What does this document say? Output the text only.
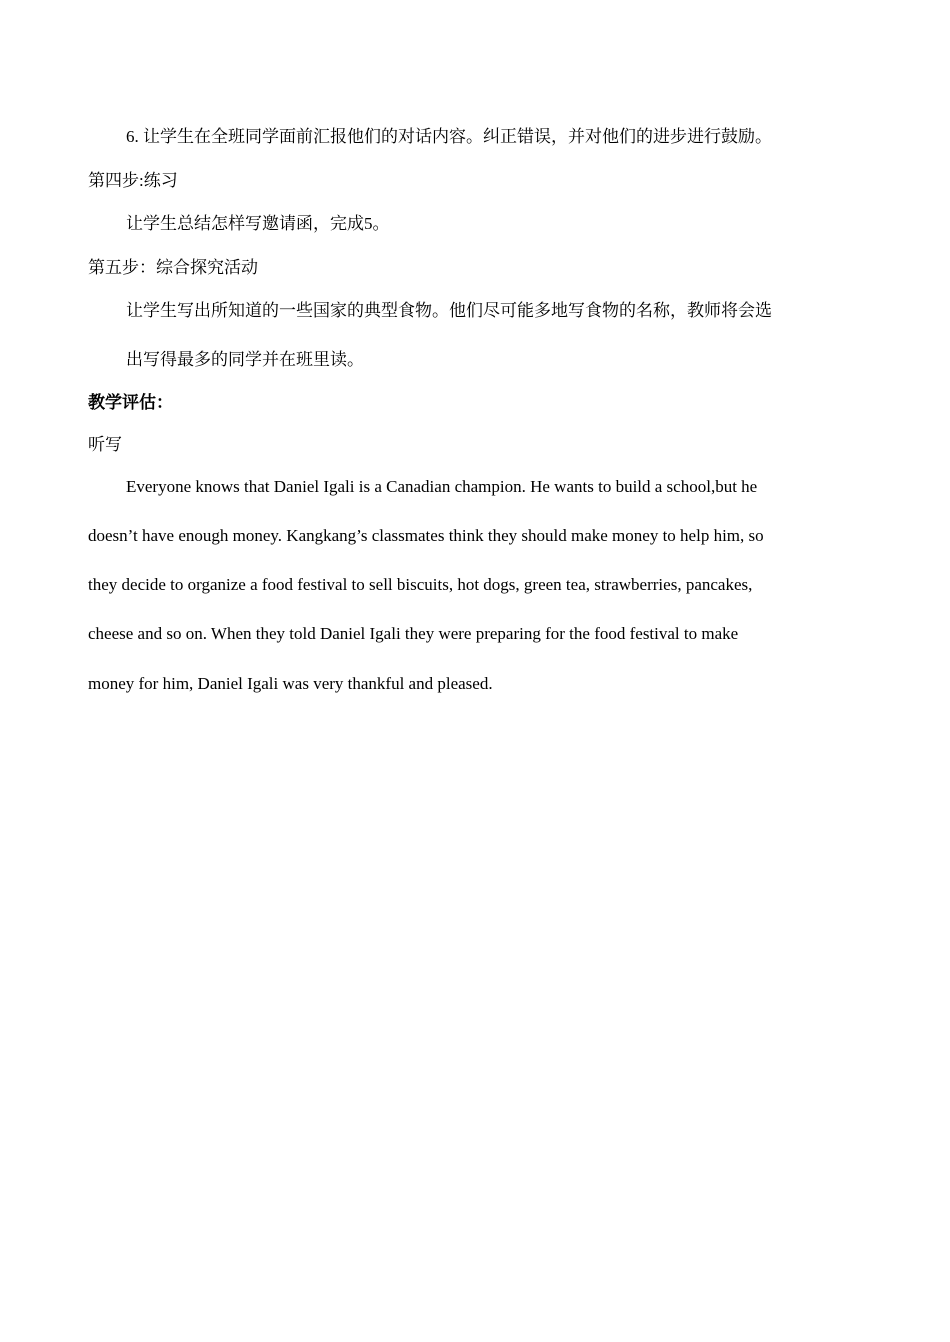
6. 让学生在全班同学面前汇报他们的对话内容。纠正错误，并对他们的进步进行鼓励。
第四步:练习
让学生总结怎样写邀请函，完成5。
第五步：综合探究活动
让学生写出所知道的一些国家的典型食物。他们尽可能多地写食物的名称，教师将会选
出写得最多的同学并在班里读。
教学评估：
听写
Everyone knows that Daniel Igali is a Canadian champion. He wants to build a school,but he
doesn’t have enough money. Kangkang’s classmates think they should make money to help him, so
they decide to organize a food festival to sell biscuits, hot dogs, green tea, strawberries, pancakes,
cheese and so on. When they told Daniel Igali they were preparing for the food festival to make
money for him, Daniel Igali was very thankful and pleased.
